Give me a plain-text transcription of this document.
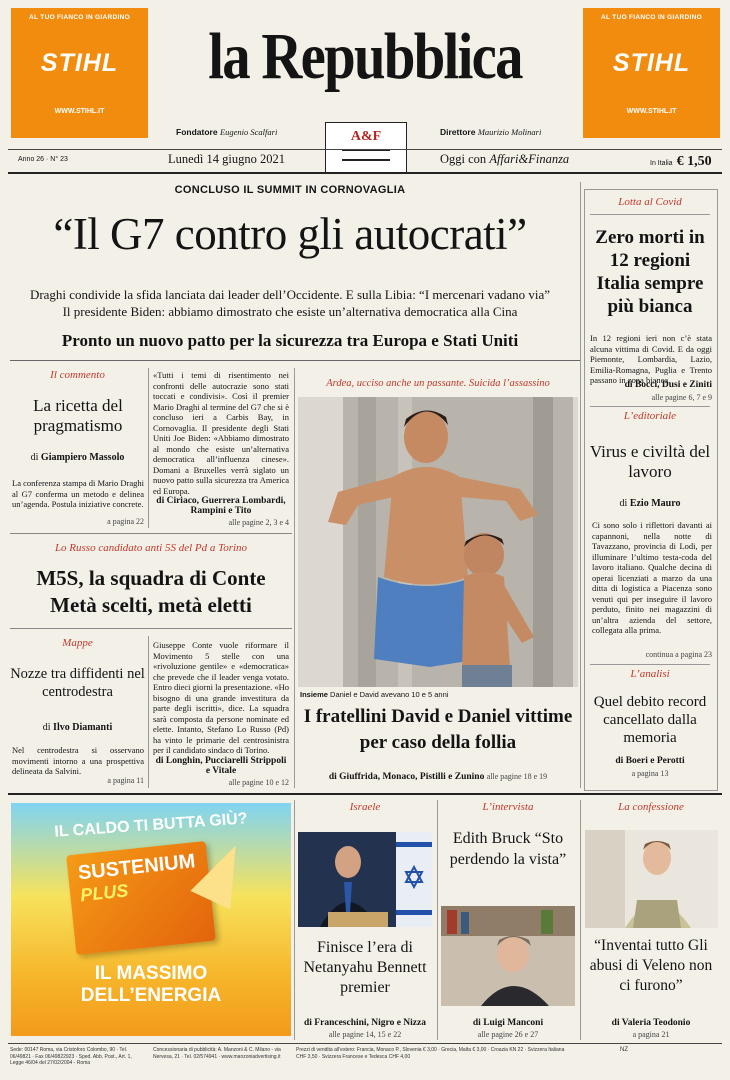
AL TUO FIANCO IN GIARDINO
STIHL
WWW.STIHL.IT
AL TUO FIANCO IN GIARDINO
STIHL
WWW.STIHL.IT
la Repubblica
Fondatore Eugenio Scalfari	Direttore Maurizio Molinari
A&F
Anno 26 · N° 23	Lunedì 14 giugno 2021	Oggi con Affari&Finanza	In Italia € 1,50
CONCLUSO IL SUMMIT IN CORNOVAGLIA
“Il G7 contro gli autocrati”
Draghi condivide la sfida lanciata dai leader dell’Occidente. E sulla Libia: “I mercenari vadano via”
Il presidente Biden: abbiamo dimostrato che esiste un’alternativa democratica alla Cina
Pronto un nuovo patto per la sicurezza tra Europa e Stati Uniti
Il commento
La ricetta del pragmatismo
di Giampiero Massolo
La conferenza stampa di Mario Draghi al G7 conferma un metodo e delinea un’agenda. Postula iniziative concrete.
a pagina 22
«Tutti i temi di risentimento nei confronti delle autocrazie sono stati toccati e condivisi». Così il premier Mario Draghi al termine del G7 che si è concluso ieri a Carbis Bay, in Cornovaglia. Il presidente degli Stati Uniti Joe Biden: «Abbiamo dimostrato al mondo che esiste un’alternativa democratica all’influenza cinese». Domani a Bruxelles verrà siglato un nuovo patto sulla sicurezza tra America ed Europa.
di Ciriaco, Guerrera Lombardi, Rampini e Tito
alle pagine 2, 3 e 4
Lo Russo candidato anti 5S del Pd a Torino
M5S, la squadra di Conte
Metà scelti, metà eletti
Mappe
Nozze tra diffidenti nel centrodestra
di Ilvo Diamanti
Nel centrodestra si osservano movimenti intorno a una prospettiva delineata da Salvini.
a pagina 11
Giuseppe Conte vuole riformare il Movimento 5 stelle con una «rivoluzione gentile» e «democratica» che prevede che il leader venga votato. Entro dieci giorni la presentazione. «Ho bisogno di una grande investitura da parte degli iscritti», dice. La squadra sarà composta da persone nominate ed elette. Intanto, Stefano Lo Russo (Pd) ha vinto le primarie del centrosinistra per il candidato sindaco di Torino.
di Longhin, Pucciarelli Strippoli e Vitale
alle pagine 10 e 12
Ardea, ucciso anche un passante. Suicida l’assassino
Insieme Daniel e David avevano 10 e 5 anni
I fratellini David e Daniel vittime per caso della follia
di Giuffrida, Monaco, Pistilli e Zunino alle pagine 18 e 19
Lotta al Covid
Zero morti in 12 regioni Italia sempre più bianca
In 12 regioni ieri non c’è stata alcuna vittima di Covid. E da oggi Piemonte, Lombardia, Lazio, Emilia-Romagna, Puglia e Trento passano in zona bianca.
di Bocci, Dusi e Ziniti
alle pagine 6, 7 e 9
L’editoriale
Virus e civiltà del lavoro
di Ezio Mauro
Ci sono solo i riflettori davanti ai capannoni, nella notte di Tavazzano, provincia di Lodi, per illuminare l’ultimo testa-coda del lavoro italiano. Qualche decina di operai licenziati a marzo da una ditta di logistica a Piacenza sono venuti qui per inseguire il lavoro perduto, finito nei magazzini di un’altra azienda del settore, collegata alla prima.
continua a pagina 23
L’analisi
Quel debito record cancellato dalla memoria
di Boeri e Perotti
a pagina 13
IL CALDO TI BUTTA GIÙ?
SUSTENIUM
PLUS
IL MASSIMO
DELL’ENERGIA
Israele
Finisce l’era di Netanyahu Bennett premier
di Franceschini, Nigro e Nizza
alle pagine 14, 15 e 22
L’intervista
Edith Bruck “Sto perdendo la vista”
di Luigi Manconi
alle pagine 26 e 27
La confessione
“Inventai tutto Gli abusi di Veleno non ci furono”
di Valeria Teodonio
a pagina 21
Sede: 00147 Roma, via Cristoforo Colombo, 90 · Tel. 06/49821 · Fax 06/49822923 · Sped. Abb. Post., Art. 1, Legge 46/04 del 27/02/2004 - Roma
Concessionaria di pubblicità: A. Manzoni & C. Milano - via Nervesa, 21 · Tel. 02/574941 · www.manzoniadvertising.it
Prezzi di vendita all’estero: Francia, Monaco P., Slovenia € 3,00 · Grecia, Malta € 3,00 · Croazia KN 22 · Svizzera Italiana CHF 3,50 · Svizzera Francese e Tedesca CHF 4,00
NZ
